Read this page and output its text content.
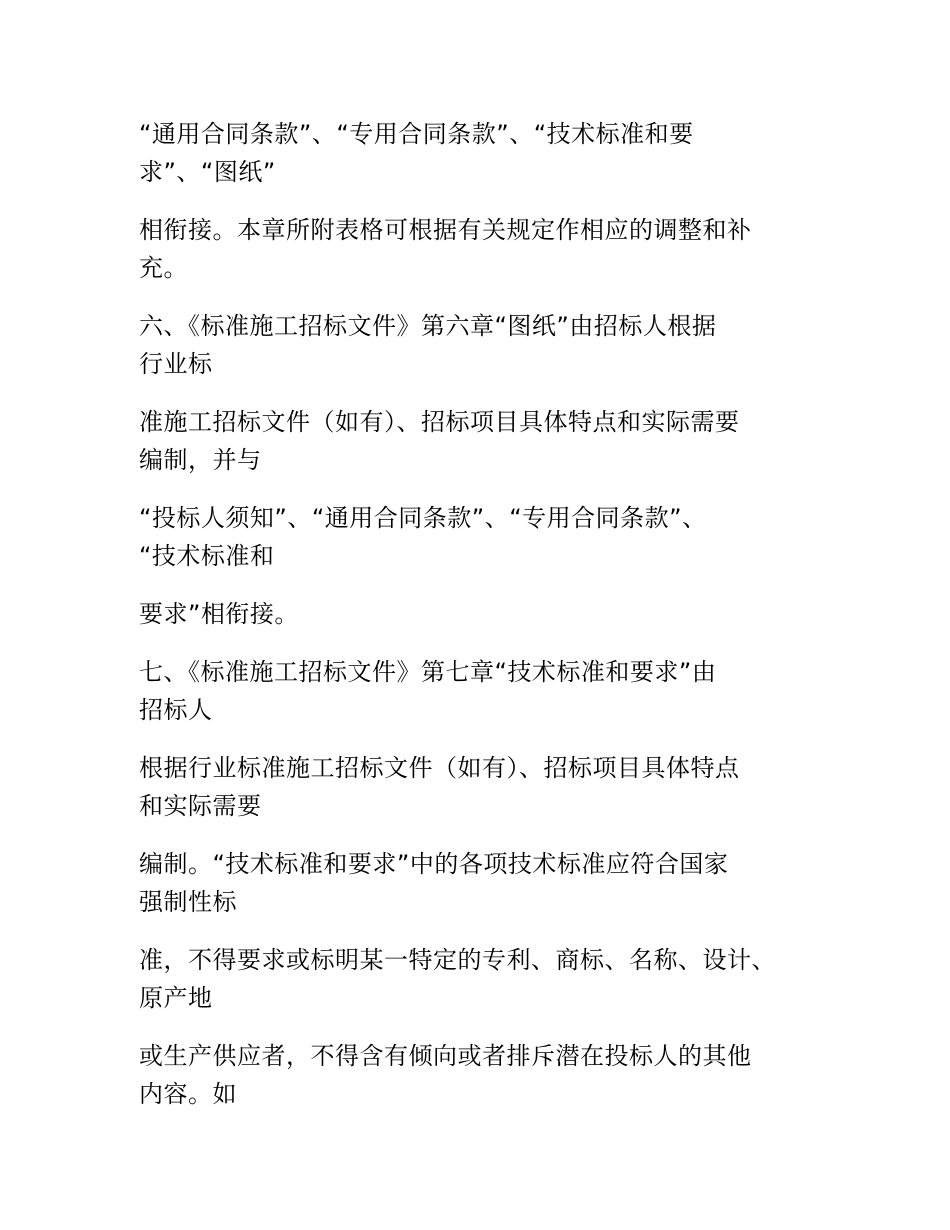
“通用合同条款”、“专用合同条款”、“技术标准和要
求”、“图纸”

相衔接。本章所附表格可根据有关规定作相应的调整和补
充。

六、《标准施工招标文件》第六章“图纸”由招标人根据
行业标

准施工招标文件（如有）、招标项目具体特点和实际需要
编制，并与

“投标人须知”、“通用合同条款”、“专用合同条款”、
“技术标准和

要求”相衔接。

七、《标准施工招标文件》第七章“技术标准和要求”由
招标人

根据行业标准施工招标文件（如有）、招标项目具体特点
和实际需要

编制。“技术标准和要求”中的各项技术标准应符合国家
强制性标

准，不得要求或标明某一特定的专利、商标、名称、设计、
原产地

或生产供应者，不得含有倾向或者排斥潜在投标人的其他
内容。如
